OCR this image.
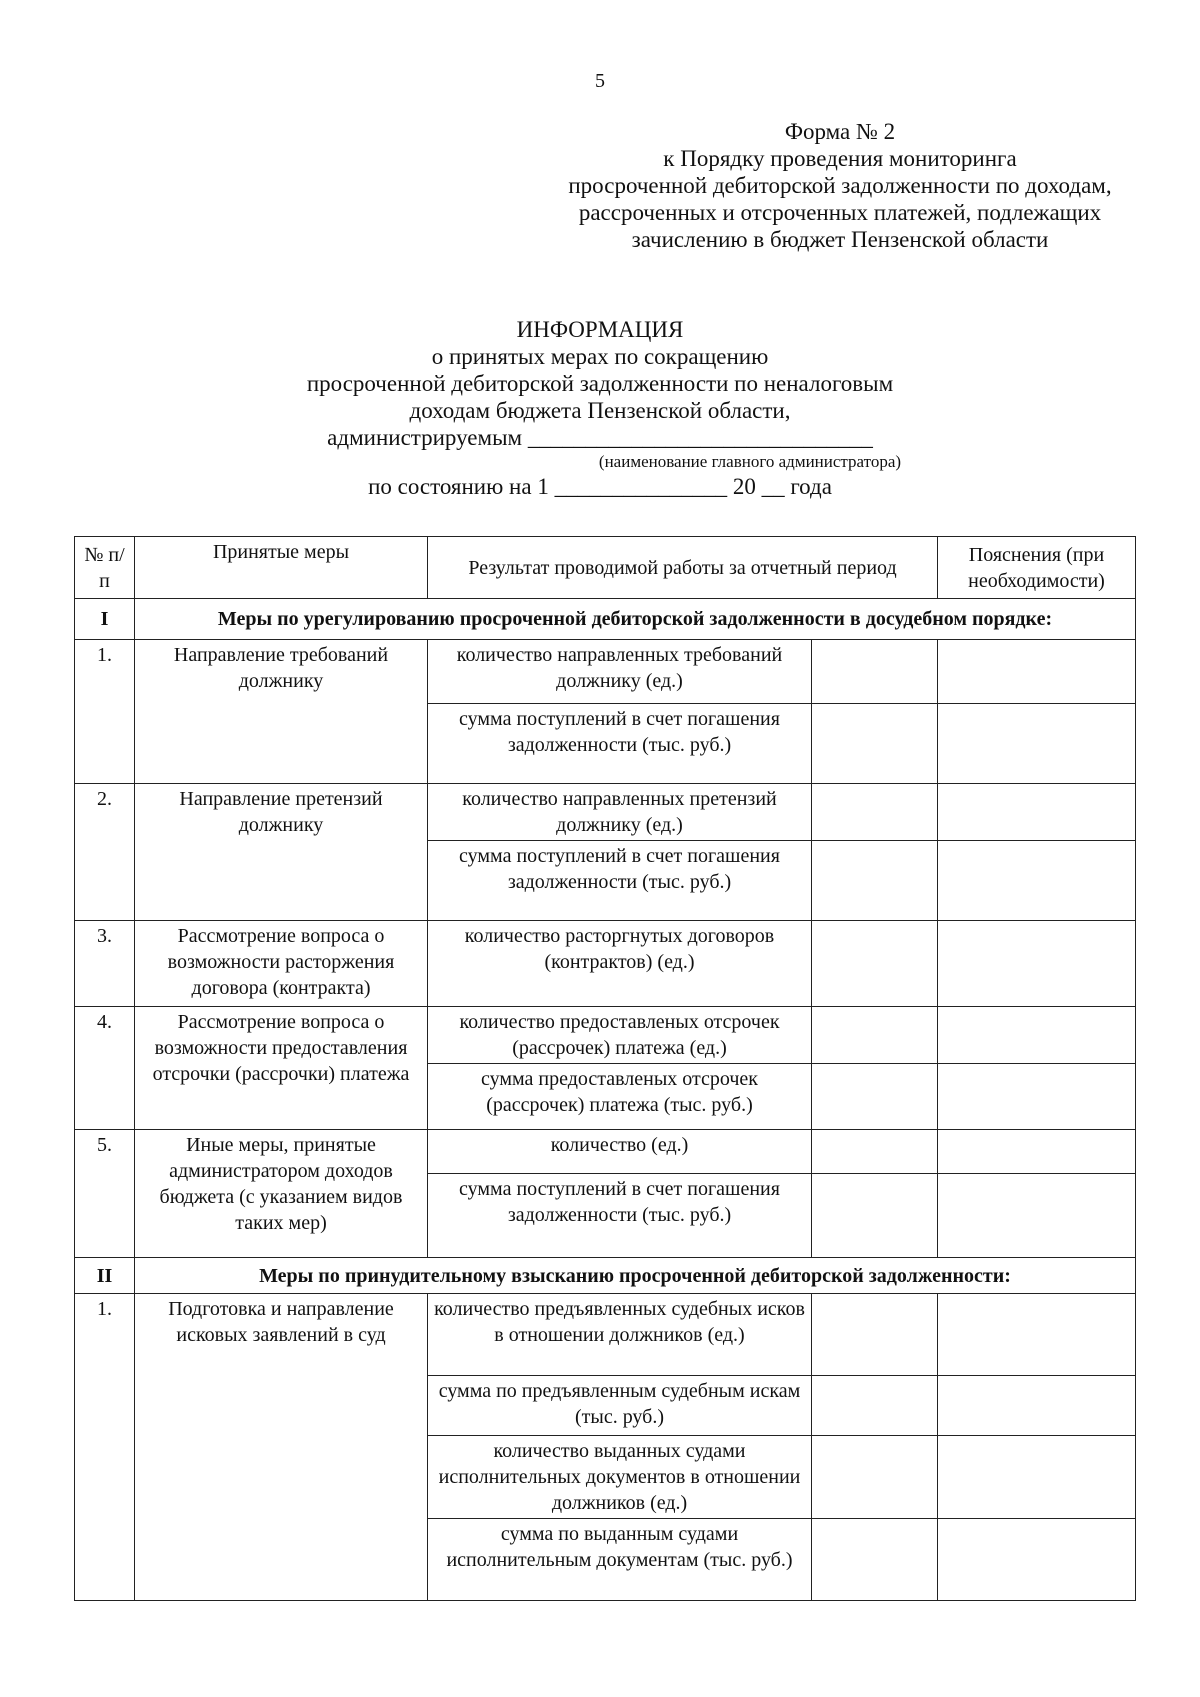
5
Форма № 2
к Порядку проведения мониторинга
просроченной дебиторской задолженности по доходам,
рассроченных и отсроченных платежей, подлежащих
зачислению в бюджет Пензенской области
ИНФОРМАЦИЯ
о принятых мерах по сокращению
просроченной дебиторской задолженности по неналоговым
доходам бюджета Пензенской области,
администрируемым ______________________________
(наименование главного администратора)
по состоянию на 1 _______________ 20 __ года
№ п/п	Принятые меры	Результат проводимой работы за отчетный период		Пояснения (при необходимости)
I	Меры по урегулированию просроченной дебиторской задолженности в досудебном порядке:			
1.	Направление требований должнику	количество направленных требований должнику (ед.)		
		сумма поступлений в счет погашения задолженности (тыс. руб.)		
2.	Направление претензий должнику	количество направленных претензий должнику (ед.)		
		сумма поступлений в счет погашения задолженности (тыс. руб.)		
3.	Рассмотрение вопроса о возможности расторжения договора (контракта)	количество расторгнутых договоров (контрактов) (ед.)		
4.	Рассмотрение вопроса о возможности предоставления отсрочки (рассрочки) платежа	количество предоставленых отсрочек (рассрочек) платежа (ед.)		
		сумма предоставленых отсрочек (рассрочек) платежа (тыс. руб.)		
5.	Иные меры, принятые администратором доходов бюджета (с указанием видов таких мер)	количество (ед.)		
		сумма поступлений в счет погашения задолженности (тыс. руб.)		
II	Меры по принудительному взысканию просроченной дебиторской задолженности:			
1.	Подготовка и направление исковых заявлений в суд	количество предъявленных судебных исков в отношении должников (ед.)		
		сумма по предъявленным судебным искам (тыс. руб.)		
		количество выданных судами исполнительных документов в отношении должников (ед.)		
		сумма по выданным судами исполнительным документам (тыс. руб.)		
